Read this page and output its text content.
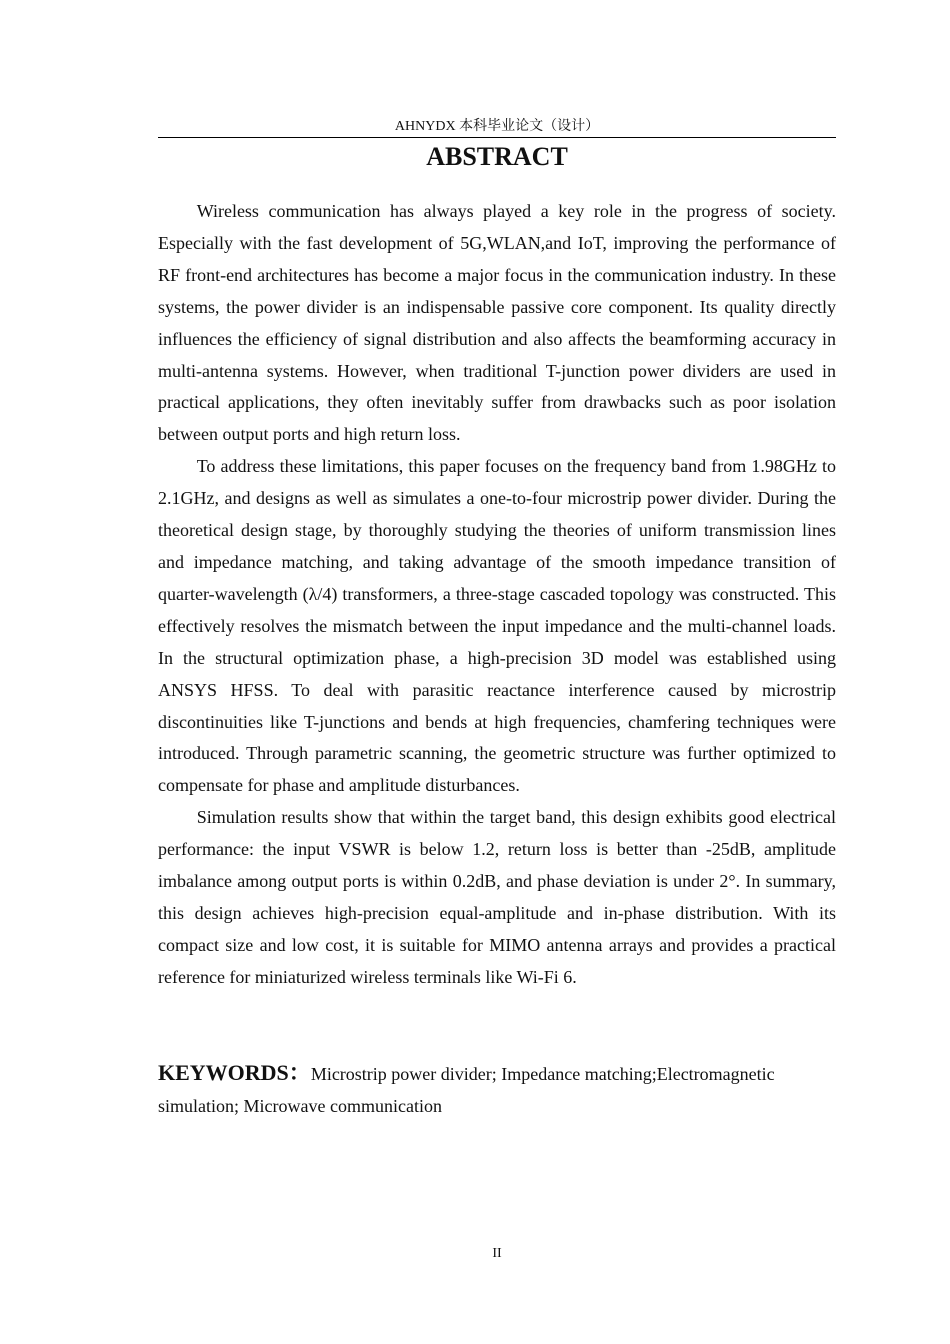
AHNYDX 本科毕业论文（设计）
ABSTRACT

Wireless communication has always played a key role in the progress of society. Especially with the fast development of 5G,WLAN,and IoT, improving the performance of RF front-end architectures has become a major focus in the communication industry. In these systems, the power divider is an indispensable passive core component. Its quality directly influences the efficiency of signal distribution and also affects the beamforming accuracy in multi-antenna systems. However, when traditional T-junction power dividers are used in practical applications, they often inevitably suffer from drawbacks such as poor isolation between output ports and high return loss.

To address these limitations, this paper focuses on the frequency band from 1.98GHz to 2.1GHz, and designs as well as simulates a one-to-four microstrip power divider. During the theoretical design stage, by thoroughly studying the theories of uniform transmission lines and impedance matching, and taking advantage of the smooth impedance transition of quarter-wavelength (λ/4) transformers, a three-stage cascaded topology was constructed. This effectively resolves the mismatch between the input impedance and the multi-channel loads. In the structural optimization phase, a high-precision 3D model was established using ANSYS HFSS. To deal with parasitic reactance interference caused by microstrip discontinuities like T-junctions and bends at high frequencies, chamfering techniques were introduced. Through parametric scanning, the geometric structure was further optimized to compensate for phase and amplitude disturbances.

Simulation results show that within the target band, this design exhibits good electrical performance: the input VSWR is below 1.2, return loss is better than -25dB, amplitude imbalance among output ports is within 0.2dB, and phase deviation is under 2°. In summary, this design achieves high-precision equal-amplitude and in-phase distribution. With its compact size and low cost, it is suitable for MIMO antenna arrays and provides a practical reference for miniaturized wireless terminals like Wi-Fi 6.

KEYWORDS：Microstrip power divider; Impedance matching;Electromagnetic simulation; Microwave communication
II
